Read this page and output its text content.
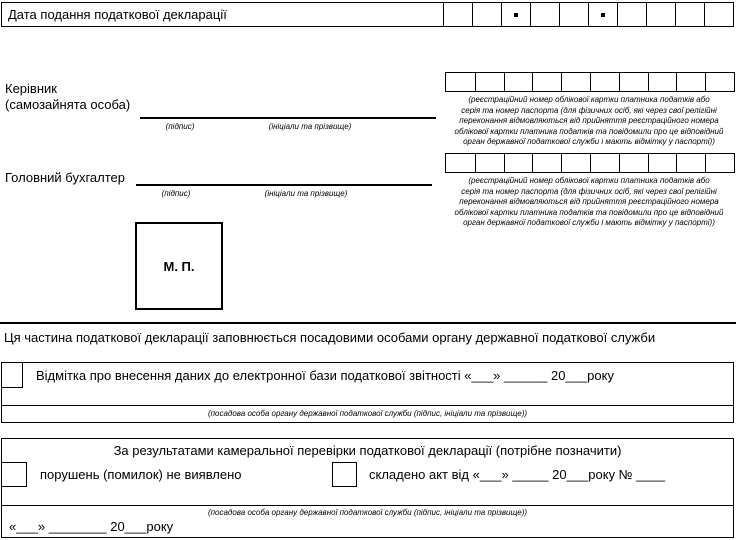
Дата подання податкової декларації
Керівник
(самозайнята особа)
(підпис)	(ініціали та прізвище)
(реєстраційний номер облікової картки платника податків або
серія та номер паспорта (для фізичних осіб, які через свої релігійні
переконання відмовляються від прийняття реєстраційного номера
облікової картки платника податків та повідомили про це відповідний
орган державної податкової служби і мають відмітку у паспорті))
Головний бухгалтер
(підпис)	(ініціали та прізвище)
(реєстраційний номер облікової картки платника податків або
серія та номер паспорта (для фізичних осіб, які через свої релігійні
переконання відмовляються від прийняття реєстраційного номера
облікової картки платника податків та повідомили про це відповідний
орган державної податкової служби і мають відмітку у паспорті))
М. П.
Ця частина податкової декларації заповнюється посадовими особами органу державної податкової служби
Відмітка про внесення даних до електронної бази податкової звітності «___» ______ 20___року
(посадова особа органу державної податкової служби (підпис, ініціали та прізвище))
За результатами камеральної перевірки податкової декларації (потрібне позначити)
порушень (помилок) не виявлено	складено акт від «___» _____ 20___року № ____
(посадова особа органу державної податкової служби (підпис, ініціали та прізвище))
«___» ________ 20___року
